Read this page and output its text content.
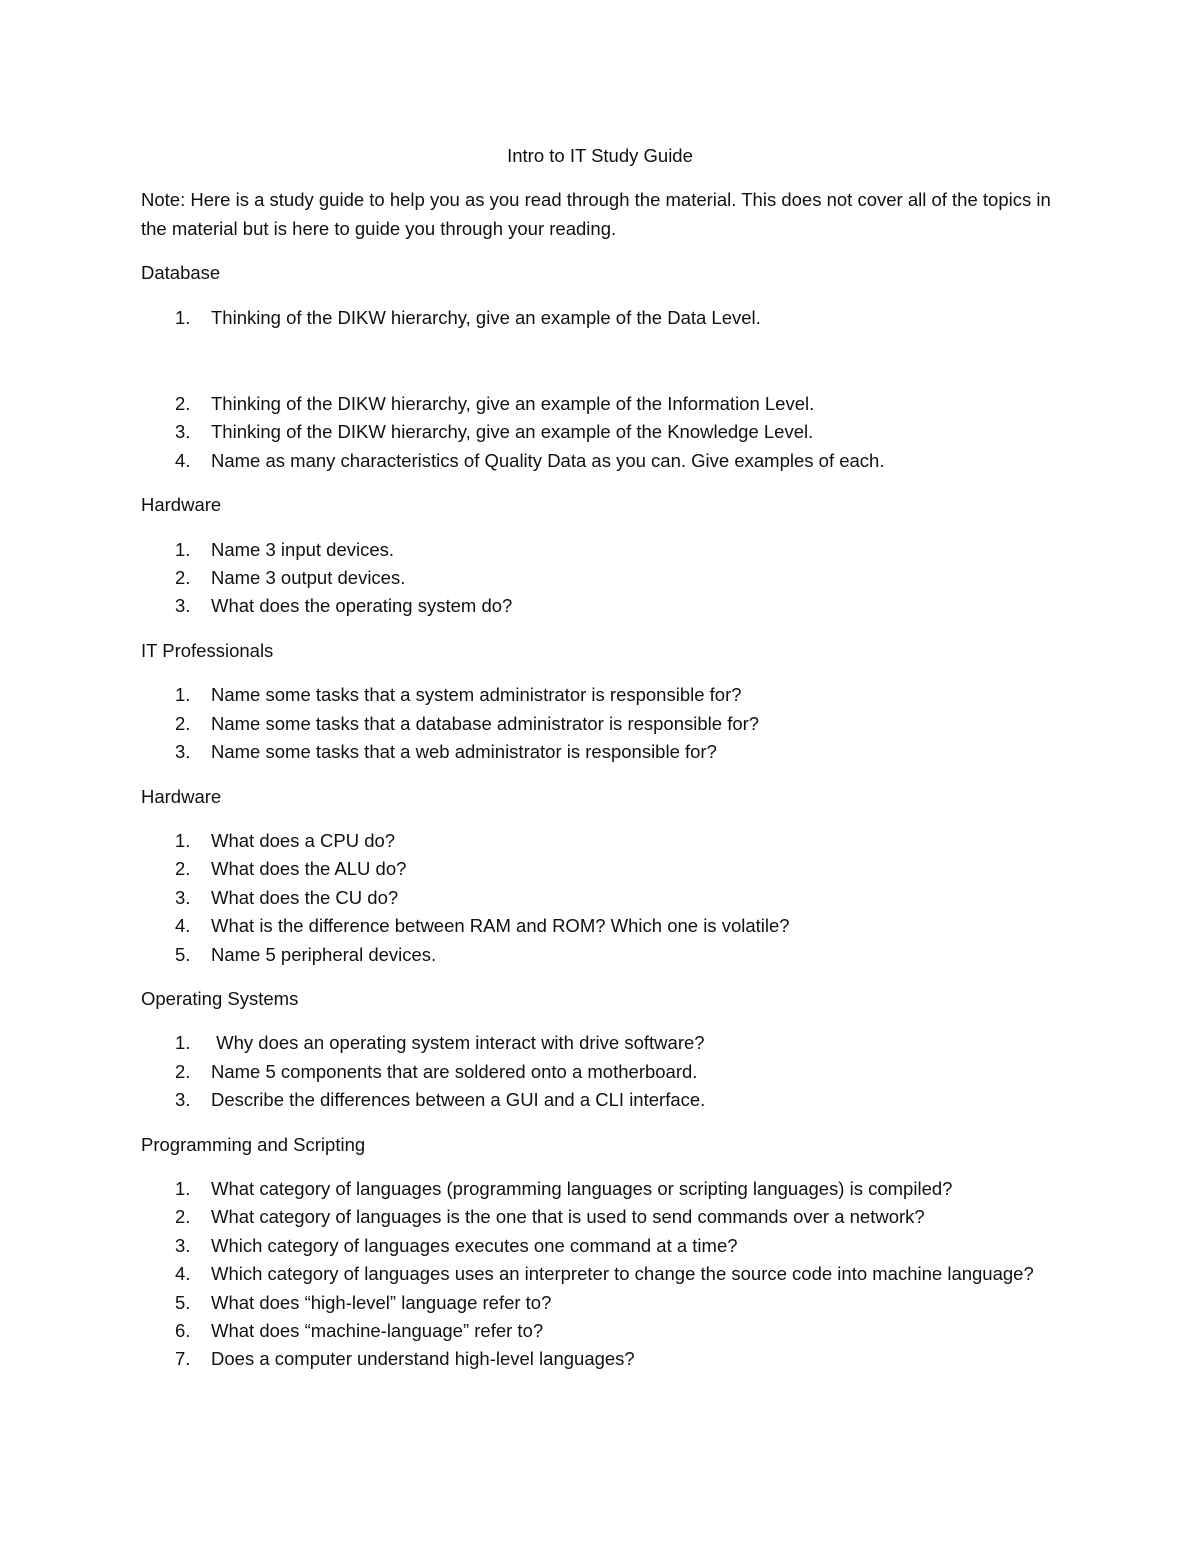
Intro to IT Study Guide

Note: Here is a study guide to help you as you read through the material. This does not cover all of the topics in the material but is here to guide you through your reading.

Database

1. Thinking of the DIKW hierarchy, give an example of the Data Level.
2. Thinking of the DIKW hierarchy, give an example of the Information Level.
3. Thinking of the DIKW hierarchy, give an example of the Knowledge Level.
4. Name as many characteristics of Quality Data as you can. Give examples of each.

Hardware

1. Name 3 input devices.
2. Name 3 output devices.
3. What does the operating system do?

IT Professionals

1. Name some tasks that a system administrator is responsible for?
2. Name some tasks that a database administrator is responsible for?
3. Name some tasks that a web administrator is responsible for?

Hardware

1. What does a CPU do?
2. What does the ALU do?
3. What does the CU do?
4. What is the difference between RAM and ROM? Which one is volatile?
5. Name 5 peripheral devices.

Operating Systems

1. Why does an operating system interact with drive software?
2. Name 5 components that are soldered onto a motherboard.
3. Describe the differences between a GUI and a CLI interface.

Programming and Scripting

1. What category of languages (programming languages or scripting languages) is compiled?
2. What category of languages is the one that is used to send commands over a network?
3. Which category of languages executes one command at a time?
4. Which category of languages uses an interpreter to change the source code into machine language?
5. What does “high-level” language refer to?
6. What does “machine-language” refer to?
7. Does a computer understand high-level languages?
